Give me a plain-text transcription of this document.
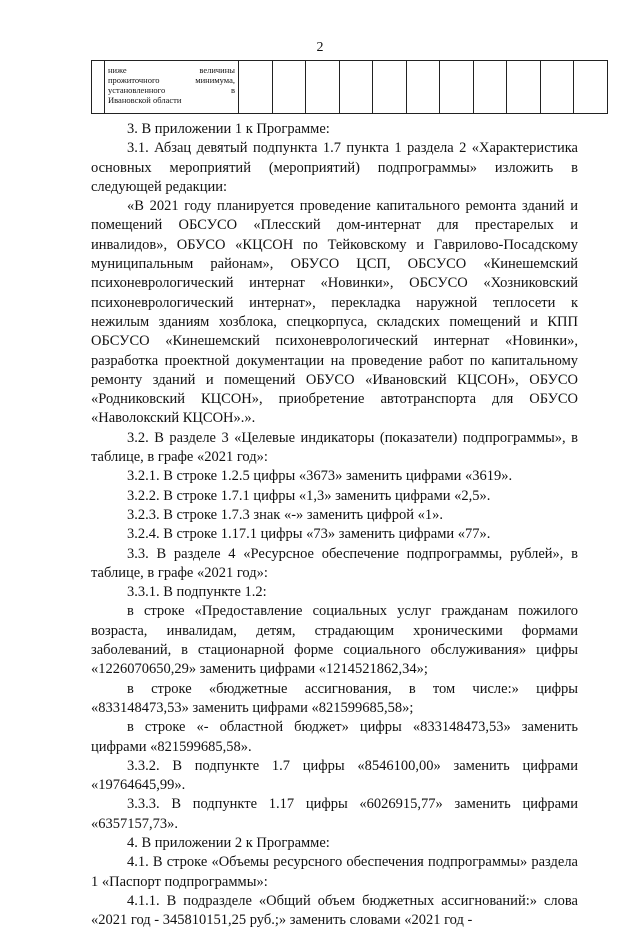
2

ниже величины
прожиточного минимума,
установленного в
Ивановской области

3. В приложении 1 к Программе:

3.1. Абзац девятый подпункта 1.7 пункта 1 раздела 2 «Характеристика основных мероприятий (мероприятий) подпрограммы» изложить в следующей редакции:

«В 2021 году планируется проведение капитального ремонта зданий и помещений ОБСУСО «Плесский дом-интернат для престарелых и инвалидов», ОБУСО «КЦСОН по Тейковскому и Гаврилово-Посадскому муниципальным районам», ОБУСО ЦСП, ОБСУСО «Кинешемский психоневрологический интернат «Новинки», ОБСУСО «Хозниковский психоневрологический интернат», перекладка наружной теплосети к нежилым зданиям хозблока, спецкорпуса, складских помещений и КПП ОБСУСО «Кинешемский психоневрологический интернат «Новинки», разработка проектной документации на проведение работ по капитальному ремонту зданий и помещений ОБУСО «Ивановский КЦСОН», ОБУСО «Родниковский КЦСОН», приобретение автотранспорта для ОБУСО «Наволокский КЦСОН».».

3.2. В разделе 3 «Целевые индикаторы (показатели) подпрограммы», в таблице, в графе «2021 год»:

3.2.1. В строке 1.2.5 цифры «3673» заменить цифрами «3619».

3.2.2. В строке 1.7.1 цифры «1,3» заменить цифрами «2,5».

3.2.3. В строке 1.7.3 знак «-» заменить цифрой «1».

3.2.4. В строке 1.17.1 цифры «73» заменить цифрами «77».

3.3. В разделе 4 «Ресурсное обеспечение подпрограммы, рублей», в таблице, в графе «2021 год»:

3.3.1. В подпункте 1.2:

в строке «Предоставление социальных услуг гражданам пожилого возраста, инвалидам, детям, страдающим хроническими формами заболеваний, в стационарной форме социального обслуживания» цифры «1226070650,29» заменить цифрами «1214521862,34»;

в строке «бюджетные ассигнования, в том числе:» цифры «833148473,53» заменить цифрами «821599685,58»;

в строке «- областной бюджет» цифры «833148473,53» заменить цифрами «821599685,58».

3.3.2. В подпункте 1.7 цифры «8546100,00» заменить цифрами «19764645,99».

3.3.3. В подпункте 1.17 цифры «6026915,77» заменить цифрами «6357157,73».

4. В приложении 2 к Программе:

4.1. В строке «Объемы ресурсного обеспечения подпрограммы» раздела 1 «Паспорт подпрограммы»:

4.1.1. В подразделе «Общий объем бюджетных ассигнований:» слова «2021 год - 345810151,25 руб.;» заменить словами «2021 год -
